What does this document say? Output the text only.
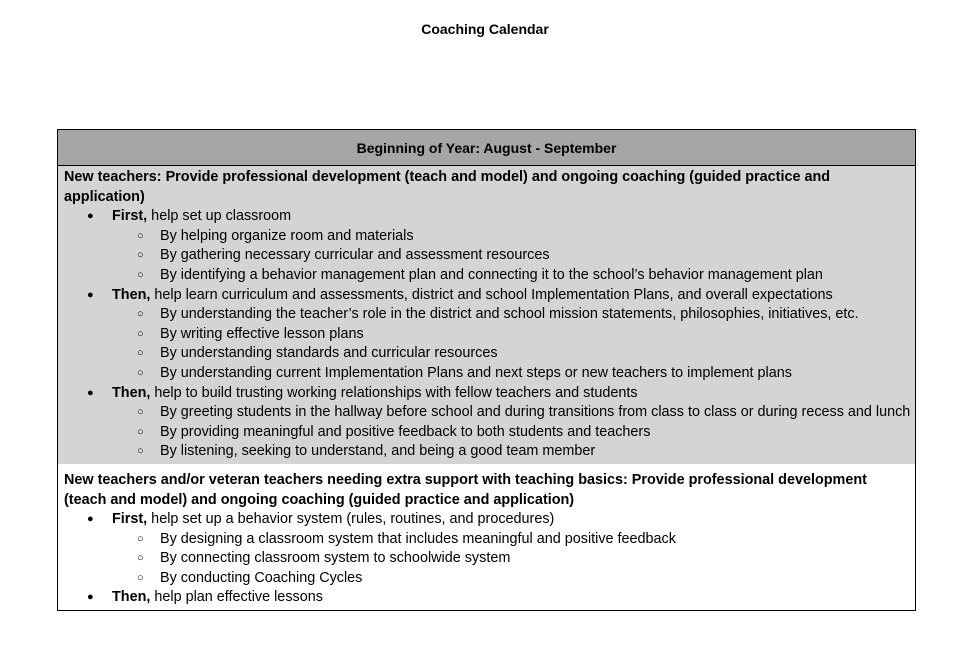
Coaching Calendar
Beginning of Year: August - September
New teachers: Provide professional development (teach and model) and ongoing coaching (guided practice and application)
● First, help set up classroom
○ By helping organize room and materials
○ By gathering necessary curricular and assessment resources
○ By identifying a behavior management plan and connecting it to the school’s behavior management plan
● Then, help learn curriculum and assessments, district and school Implementation Plans, and overall expectations
○ By understanding the teacher’s role in the district and school mission statements, philosophies, initiatives, etc.
○ By writing effective lesson plans
○ By understanding standards and curricular resources
○ By understanding current Implementation Plans and next steps or new teachers to implement plans
● Then, help to build trusting working relationships with fellow teachers and students
○ By greeting students in the hallway before school and during transitions from class to class or during recess and lunch
○ By providing meaningful and positive feedback to both students and teachers
○ By listening, seeking to understand, and being a good team member
New teachers and/or veteran teachers needing extra support with teaching basics: Provide professional development (teach and model) and ongoing coaching (guided practice and application)
● First, help set up a behavior system (rules, routines, and procedures)
○ By designing a classroom system that includes meaningful and positive feedback
○ By connecting classroom system to schoolwide system
○ By conducting Coaching Cycles
● Then, help plan effective lessons
